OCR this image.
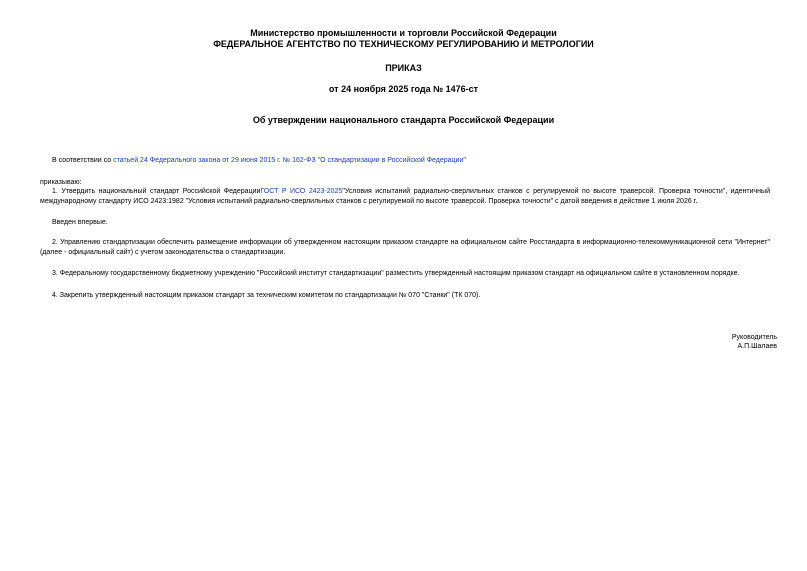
Министерство промышленности и торговли Российской Федерации
ФЕДЕРАЛЬНОЕ АГЕНТСТВО ПО ТЕХНИЧЕСКОМУ РЕГУЛИРОВАНИЮ И МЕТРОЛОГИИ
ПРИКАЗ
от 24 ноября 2025 года № 1476-ст
Об утверждении национального стандарта Российской Федерации
В соответствии со статьей 24 Федерального закона от 29 июня 2015 г. № 162-ФЗ "О стандартизации в Российской Федерации"
приказываю:
1. Утвердить национальный стандарт Российской ФедерацииГОСТ Р ИСО 2423-2025"Условия испытаний радиально-сверлильных станков с регулируемой по высоте траверсой. Проверка точности", идентичный международному стандарту ИСО 2423:1982 "Условия испытаний радиально-сверлильных станков с регулируемой по высоте траверсой. Проверка точности" с датой введения в действие 1 июля 2026 г.
Введен впервые.
2. Управлению стандартизации обеспечить размещение информации об утвержденном настоящим приказом стандарте на официальном сайте Росстандарта в информационно-телекоммуникационной сети "Интернет" (далее - официальный сайт) с учетом законодательства о стандартизации.
3. Федеральному государственному бюджетному учреждению "Российский институт стандартизации" разместить утвержденный настоящим приказом стандарт на официальном сайте в установленном порядке.
4. Закрепить утвержденный настоящим приказом стандарт за техническим комитетом по стандартизации № 070 "Станки" (ТК 070).
Руководитель
А.П.Шалаев
